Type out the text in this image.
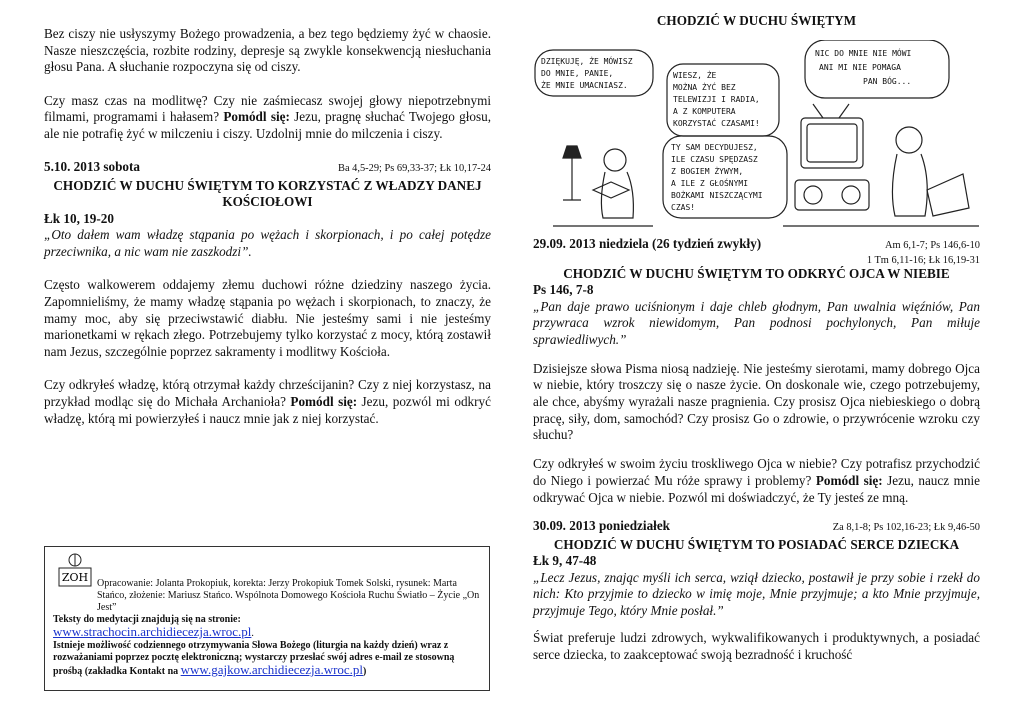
Bez ciszy nie usłyszymy Bożego prowadzenia, a bez tego będziemy żyć w chaosie. Nasze nieszczęścia, rozbite rodziny, depresje są zwykle konsekwencją niesłuchania głosu Pana. A słuchanie rozpoczyna się od ciszy.

Czy masz czas na modlitwę? Czy nie zaśmiecasz swojej głowy niepotrzebnymi filmami, programami i hałasem? Pomódl się: Jezu, pragnę słuchać Twojego głosu, ale nie potrafię żyć w milczeniu i ciszy. Uzdolnij mnie do milczenia i ciszy.

5.10. 2013 sobota	Ba 4,5-29; Ps 69,33-37; Łk 10,17-24
CHODZIĆ W DUCHU ŚWIĘTYM TO KORZYSTAĆ Z WŁADZY DANEJ KOŚCIOŁOWI
Łk 10, 19-20

„Oto dałem wam władzę stąpania po wężach i skorpionach, i po całej potędze przeciwnika, a nic wam nie zaszkodzi”.

Często walkowerem oddajemy złemu duchowi różne dziedziny naszego życia. Zapomnieliśmy, że mamy władzę stąpania po wężach i skorpionach, to znaczy, że mamy moc, aby się przeciwstawić diabłu. Nie jesteśmy sami i nie jesteśmy marionetkami w rękach złego. Potrzebujemy tylko korzystać z mocy, którą zostawił nam Jezus, szczególnie poprzez sakramenty i modlitwy Kościoła.

Czy odkryłeś władzę, którą otrzymał każdy chrześcijanin? Czy z niej korzystasz, na przykład modląc się do Michała Archanioła? Pomódl się: Jezu, pozwól mi odkryć władzę, którą mi powierzyłeś i naucz mnie jak z niej korzystać.

ZOH Opracowanie: Jolanta Prokopiuk, korekta: Jerzy Prokopiuk Tomek Solski, rysunek: Marta Stańco, złożenie: Mariusz Stańco. Wspólnota Domowego Kościoła Ruchu Światło – Życie „On Jest”
Teksty do medytacji znajdują się na stronie:
www.strachocin.archidiecezja.wroc.pl.
Istnieje możliwość codziennego otrzymywania Słowa Bożego (liturgia na każdy dzień) wraz z rozważaniami poprzez pocztę elektroniczną; wystarczy przesłać swój adres e-mail ze stosowną prośbą (zakładka Kontakt na www.gajkow.archidiecezja.wroc.pl)
CHODZIĆ W DUCHU ŚWIĘTYM
DZIĘKUJĘ, ŻE MÓWISZ DO MNIE, PANIE, ŻE MNIE UMACNIASZ.
WIESZ, ŻE MOŻNA ŻYĆ BEZ TELEWIZJI I RADIA, A Z KOMPUTERA KORZYSTAĆ CZASAMI!
NIC DO MNIE NIE MÓWI ANI MI NIE POMAGA PAN BÓG...
TY SAM DECYDUJESZ, ILE CZASU SPĘDZASZ Z BOGIEM ŻYWYM, A ILE Z GŁOŚNYMI BOŻKAMI NISZCZĄCYMI CZAS!
29.09. 2013 niedziela (26 tydzień zwykły)	Am 6,1-7; Ps 146,6-10
1 Tm 6,11-16; Łk 16,19-31
CHODZIĆ W DUCHU ŚWIĘTYM TO ODKRYĆ OJCA W NIEBIE
Ps 146, 7-8

„Pan daje prawo uciśnionym i daje chleb głodnym, Pan uwalnia więźniów, Pan przywraca wzrok niewidomym, Pan podnosi pochylonych, Pan miłuje sprawiedliwych.”

Dzisiejsze słowa Pisma niosą nadzieję. Nie jesteśmy sierotami, mamy dobrego Ojca w niebie, który troszczy się o nasze życie. On doskonale wie, czego potrzebujemy, ale chce, abyśmy wyrażali nasze pragnienia. Czy prosisz Ojca niebieskiego o dobrą pracę, siły, dom, samochód? Czy prosisz Go o zdrowie, o przywrócenie wzroku czy słuchu?

Czy odkryłeś w swoim życiu troskliwego Ojca w niebie? Czy potrafisz przychodzić do Niego i powierzać Mu róże sprawy i problemy? Pomódl się: Jezu, naucz mnie odkrywać Ojca w niebie. Pozwól mi doświadczyć, że Ty jesteś ze mną.

30.09. 2013 poniedziałek	Za 8,1-8; Ps 102,16-23; Łk 9,46-50
CHODZIĆ W DUCHU ŚWIĘTYM TO POSIADAĆ SERCE DZIECKA
Łk 9, 47-48

„Lecz Jezus, znając myśli ich serca, wziął dziecko, postawił je przy sobie i rzekł do nich: Kto przyjmie to dziecko w imię moje, Mnie przyjmuje; a kto Mnie przyjmuje, przyjmuje Tego, który Mnie posłał.”

Świat preferuje ludzi zdrowych, wykwalifikowanych i produktywnych, a posiadać serce dziecka, to zaakceptować swoją bezradność i kruchość
